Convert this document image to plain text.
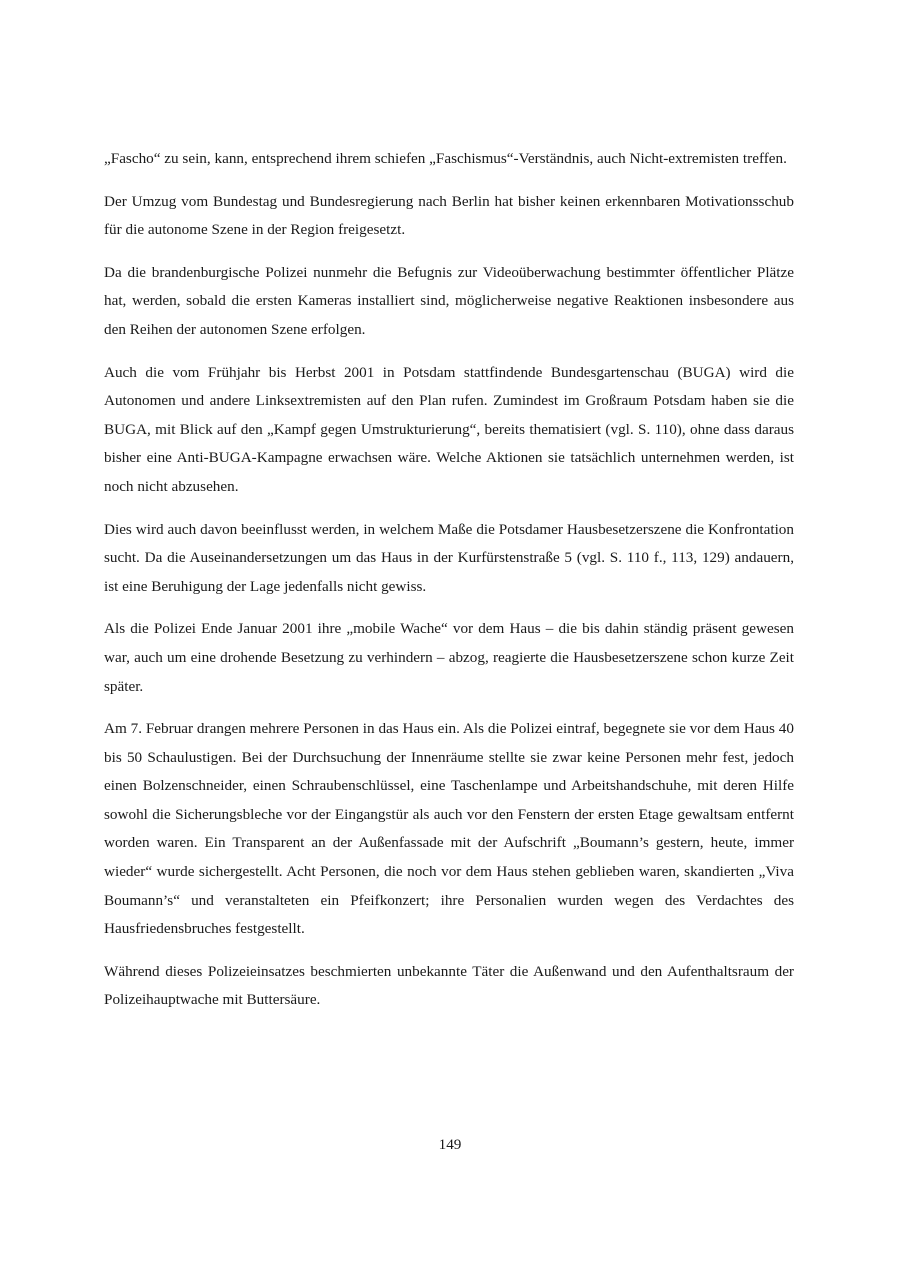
„Fascho“ zu sein, kann, entsprechend ihrem schiefen „Faschismus“-Verständnis, auch Nicht-extremisten treffen.

Der Umzug vom Bundestag und Bundesregierung nach Berlin hat bisher keinen erkennbaren Motivationsschub für die autonome Szene in der Region freigesetzt.

Da die brandenburgische Polizei nunmehr die Befugnis zur Videoüberwachung bestimmter öffentlicher Plätze hat, werden, sobald die ersten Kameras installiert sind, möglicherweise negative Reaktionen insbesondere aus den Reihen der autonomen Szene erfolgen.

Auch die vom Frühjahr bis Herbst 2001 in Potsdam stattfindende Bundesgartenschau (BUGA) wird die Autonomen und andere Linksextremisten auf den Plan rufen. Zumindest im Großraum Potsdam haben sie die BUGA, mit Blick auf den „Kampf gegen Umstrukturierung“, bereits thematisiert (vgl. S. 110), ohne dass daraus bisher eine Anti-BUGA-Kampagne erwachsen wäre. Welche Aktionen sie tatsächlich unternehmen werden, ist noch nicht abzusehen.

Dies wird auch davon beeinflusst werden, in welchem Maße die Potsdamer Hausbesetzerszene die Konfrontation sucht. Da die Auseinandersetzungen um das Haus in der Kurfürstenstraße 5 (vgl. S. 110 f., 113, 129) andauern, ist eine Beruhigung der Lage jedenfalls nicht gewiss.

Als die Polizei Ende Januar 2001 ihre „mobile Wache“ vor dem Haus – die bis dahin ständig präsent gewesen war, auch um eine drohende Besetzung zu verhindern – abzog, reagierte die Hausbesetzerszene schon kurze Zeit später.

Am 7. Februar drangen mehrere Personen in das Haus ein. Als die Polizei eintraf, begegnete sie vor dem Haus 40 bis 50 Schaulustigen. Bei der Durchsuchung der Innenräume stellte sie zwar keine Personen mehr fest, jedoch einen Bolzenschneider, einen Schraubenschlüssel, eine Taschenlampe und Arbeitshandschuhe, mit deren Hilfe sowohl die Sicherungsbleche vor der Eingangstür als auch vor den Fenstern der ersten Etage gewaltsam entfernt worden waren. Ein Transparent an der Außenfassade mit der Aufschrift „Boumann’s gestern, heute, immer wieder“ wurde sichergestellt. Acht Personen, die noch vor dem Haus stehen geblieben waren, skandierten „Viva Boumann’s“ und veranstalteten ein Pfeifkonzert; ihre Personalien wurden wegen des Verdachtes des Hausfriedensbruches festgestellt.

Während dieses Polizeieinsatzes beschmierten unbekannte Täter die Außenwand und den Aufenthaltsraum der Polizeihauptwache mit Buttersäure.

149
